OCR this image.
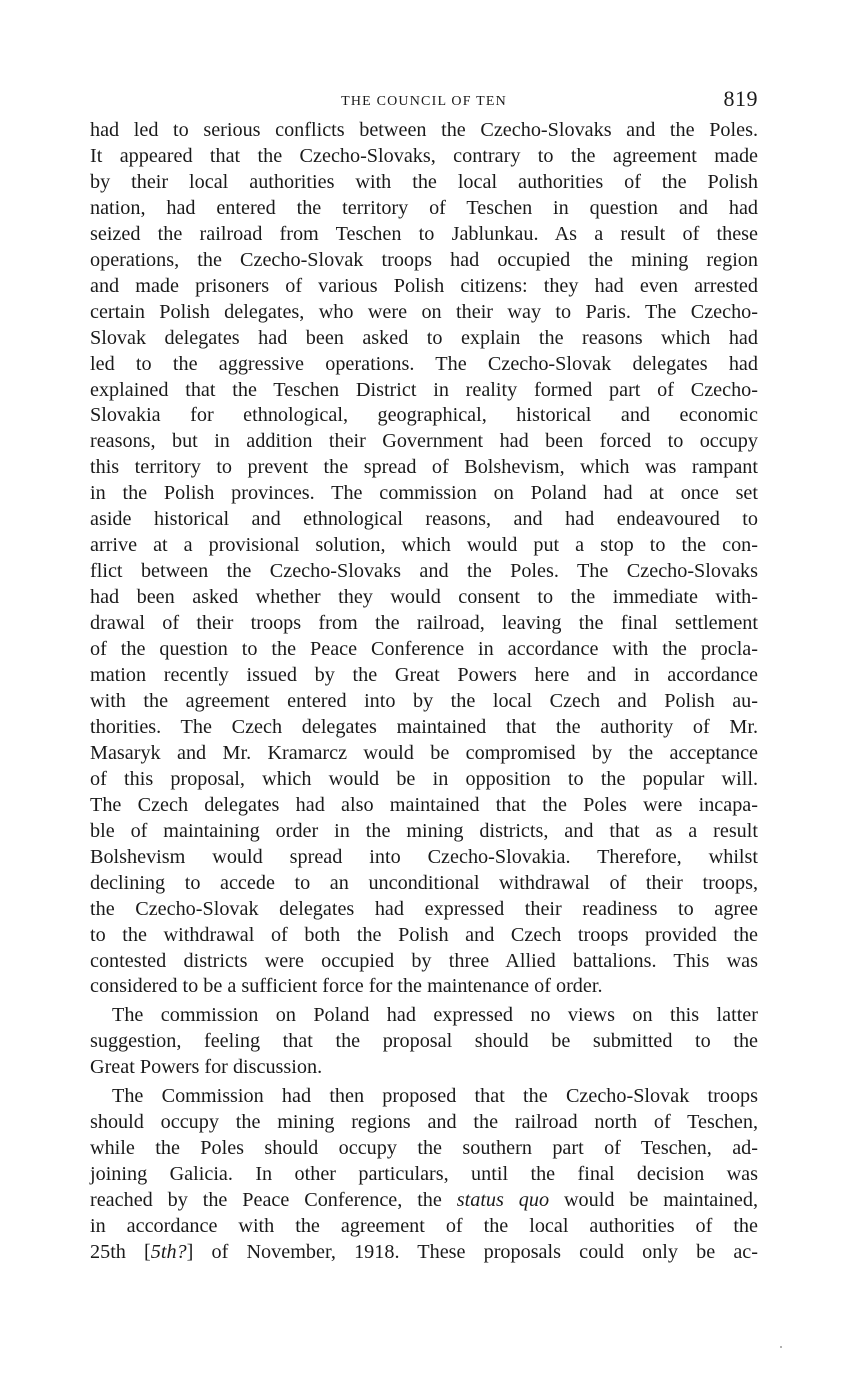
THE COUNCIL OF TEN	819

had led to serious conflicts between the Czecho-Slovaks and the Poles.
It appeared that the Czecho-Slovaks, contrary to the agreement made
by their local authorities with the local authorities of the Polish
nation, had entered the territory of Teschen in question and had
seized the railroad from Teschen to Jablunkau. As a result of these
operations, the Czecho-Slovak troops had occupied the mining region
and made prisoners of various Polish citizens: they had even arrested
certain Polish delegates, who were on their way to Paris. The Czecho-
Slovak delegates had been asked to explain the reasons which had
led to the aggressive operations. The Czecho-Slovak delegates had
explained that the Teschen District in reality formed part of Czecho-
Slovakia for ethnological, geographical, historical and economic
reasons, but in addition their Government had been forced to occupy
this territory to prevent the spread of Bolshevism, which was rampant
in the Polish provinces. The commission on Poland had at once set
aside historical and ethnological reasons, and had endeavoured to
arrive at a provisional solution, which would put a stop to the con-
flict between the Czecho-Slovaks and the Poles. The Czecho-Slovaks
had been asked whether they would consent to the immediate with-
drawal of their troops from the railroad, leaving the final settlement
of the question to the Peace Conference in accordance with the procla-
mation recently issued by the Great Powers here and in accordance
with the agreement entered into by the local Czech and Polish au-
thorities. The Czech delegates maintained that the authority of Mr.
Masaryk and Mr. Kramarcz would be compromised by the acceptance
of this proposal, which would be in opposition to the popular will.
The Czech delegates had also maintained that the Poles were incapa-
ble of maintaining order in the mining districts, and that as a result
Bolshevism would spread into Czecho-Slovakia. Therefore, whilst
declining to accede to an unconditional withdrawal of their troops,
the Czecho-Slovak delegates had expressed their readiness to agree
to the withdrawal of both the Polish and Czech troops provided the
contested districts were occupied by three Allied battalions. This was
considered to be a sufficient force for the maintenance of order.

The commission on Poland had expressed no views on this latter
suggestion, feeling that the proposal should be submitted to the
Great Powers for discussion.

The Commission had then proposed that the Czecho-Slovak troops
should occupy the mining regions and the railroad north of Teschen,
while the Poles should occupy the southern part of Teschen, ad-
joining Galicia. In other particulars, until the final decision was
reached by the Peace Conference, the status quo would be maintained,
in accordance with the agreement of the local authorities of the
25th [5th?] of November, 1918. These proposals could only be ac-
